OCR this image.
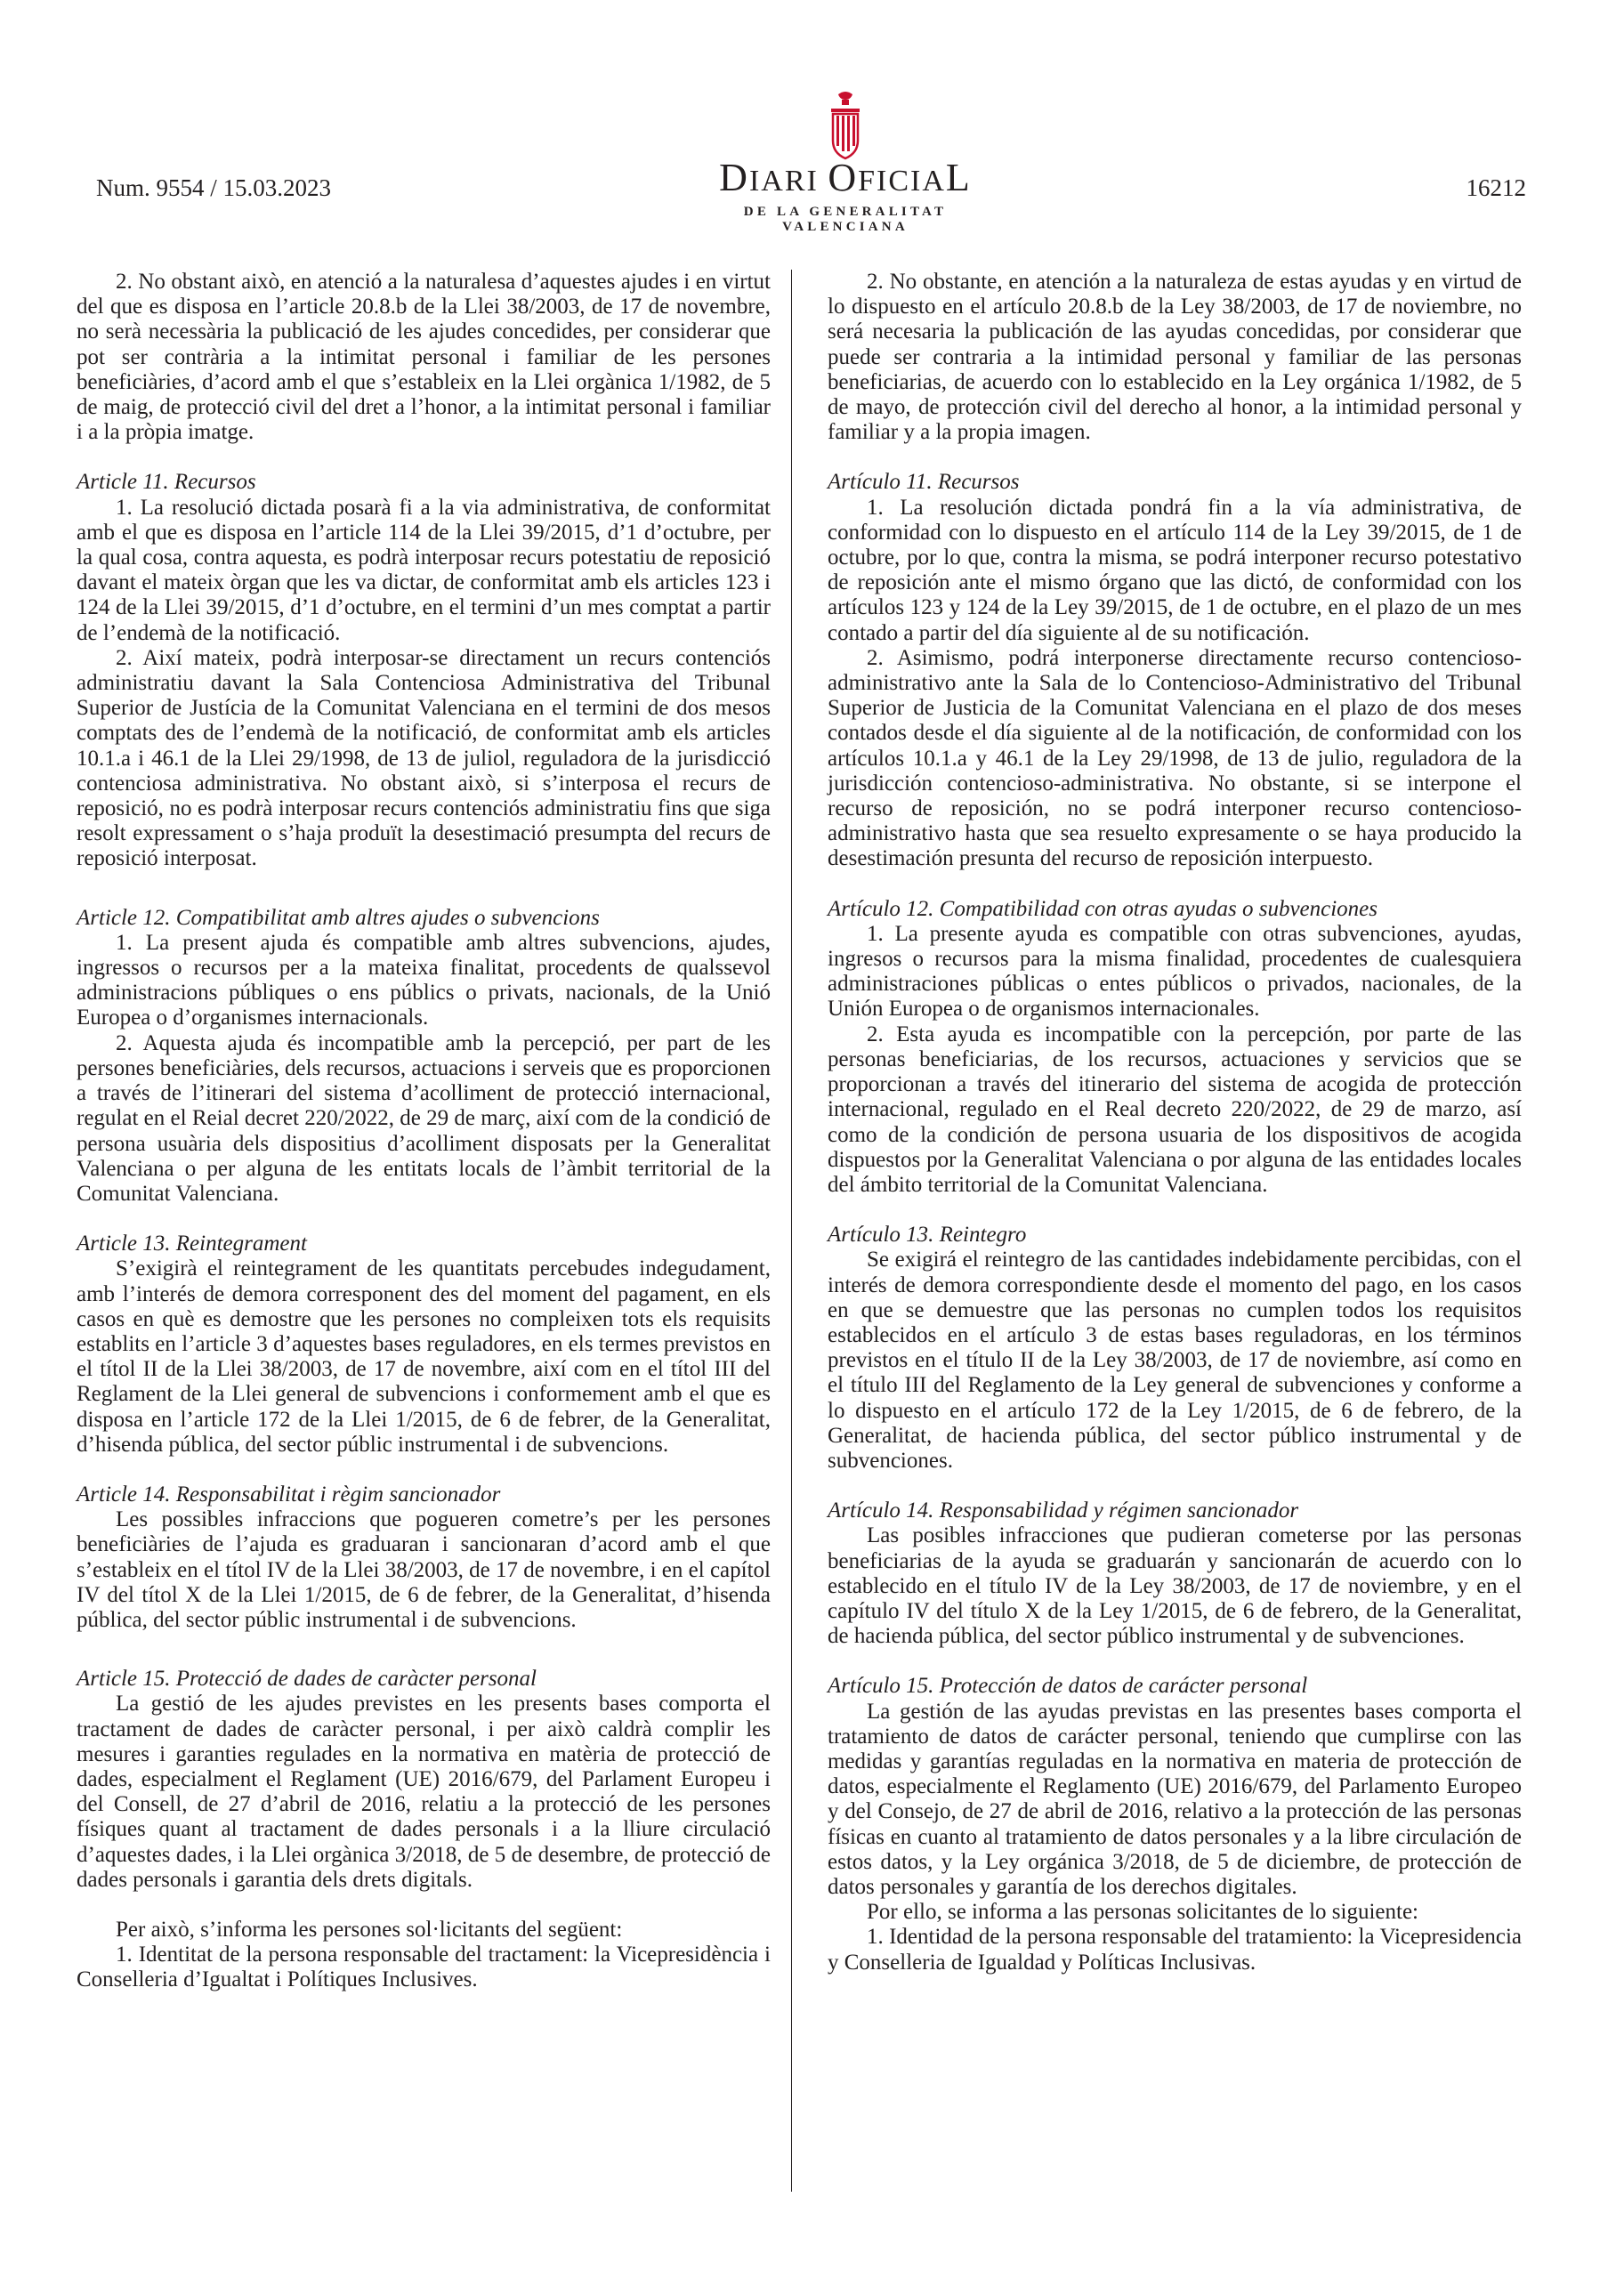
Num. 9554 / 15.03.2023	DIARI OFICIAL
DE LA GENERALITAT VALENCIANA
16212

2. No obstant això, en atenció a la naturalesa d’aquestes ajudes i en virtut del que es disposa en l’article 20.8.b de la Llei 38/2003, de 17 de novembre, no serà necessària la publicació de les ajudes concedides, per considerar que pot ser contrària a la intimitat personal i familiar de les persones beneficiàries, d’acord amb el que s’estableix en la Llei orgànica 1/1982, de 5 de maig, de protecció civil del dret a l’honor, a la intimitat personal i familiar i a la pròpia imatge.

Article 11. Recursos

1. La resolució dictada posarà fi a la via administrativa, de conformitat amb el que es disposa en l’article 114 de la Llei 39/2015, d’1 d’octubre, per la qual cosa, contra aquesta, es podrà interposar recurs potestatiu de reposició davant el mateix òrgan que les va dictar, de conformitat amb els articles 123 i 124 de la Llei 39/2015, d’1 d’octubre, en el termini d’un mes comptat a partir de l’endemà de la notificació.

2. Així mateix, podrà interposar-se directament un recurs contenciós administratiu davant la Sala Contenciosa Administrativa del Tribunal Superior de Justícia de la Comunitat Valenciana en el termini de dos mesos comptats des de l’endemà de la notificació, de conformitat amb els articles 10.1.a i 46.1 de la Llei 29/1998, de 13 de juliol, reguladora de la jurisdicció contenciosa administrativa. No obstant això, si s’interposa el recurs de reposició, no es podrà interposar recurs contenciós administratiu fins que siga resolt expressament o s’haja produït la desestimació presumpta del recurs de reposició interposat.

Article 12. Compatibilitat amb altres ajudes o subvencions

1. La present ajuda és compatible amb altres subvencions, ajudes, ingressos o recursos per a la mateixa finalitat, procedents de qualssevol administracions públiques o ens públics o privats, nacionals, de la Unió Europea o d’organismes internacionals.

2. Aquesta ajuda és incompatible amb la percepció, per part de les persones beneficiàries, dels recursos, actuacions i serveis que es proporcionen a través de l’itinerari del sistema d’acolliment de protecció internacional, regulat en el Reial decret 220/2022, de 29 de març, així com de la condició de persona usuària dels dispositius d’acolliment disposats per la Generalitat Valenciana o per alguna de les entitats locals de l’àmbit territorial de la Comunitat Valenciana.

Article 13. Reintegrament

S’exigirà el reintegrament de les quantitats percebudes indegudament, amb l’interés de demora corresponent des del moment del pagament, en els casos en què es demostre que les persones no compleixen tots els requisits establits en l’article 3 d’aquestes bases reguladores, en els termes previstos en el títol II de la Llei 38/2003, de 17 de novembre, així com en el títol III del Reglament de la Llei general de subvencions i conformement amb el que es disposa en l’article 172 de la Llei 1/2015, de 6 de febrer, de la Generalitat, d’hisenda pública, del sector públic instrumental i de subvencions.

Article 14. Responsabilitat i règim sancionador

Les possibles infraccions que pogueren cometre’s per les persones beneficiàries de l’ajuda es graduaran i sancionaran d’acord amb el que s’estableix en el títol IV de la Llei 38/2003, de 17 de novembre, i en el capítol IV del títol X de la Llei 1/2015, de 6 de febrer, de la Generalitat, d’hisenda pública, del sector públic instrumental i de subvencions.

Article 15. Protecció de dades de caràcter personal

La gestió de les ajudes previstes en les presents bases comporta el tractament de dades de caràcter personal, i per això caldrà complir les mesures i garanties regulades en la normativa en matèria de protecció de dades, especialment el Reglament (UE) 2016/679, del Parlament Europeu i del Consell, de 27 d’abril de 2016, relatiu a la protecció de les persones físiques quant al tractament de dades personals i a la lliure circulació d’aquestes dades, i la Llei orgànica 3/2018, de 5 de desembre, de protecció de dades personals i garantia dels drets digitals.

Per això, s’informa les persones sol·licitants del següent:

1. Identitat de la persona responsable del tractament: la Vicepresidència i Conselleria d’Igualtat i Polítiques Inclusives.

2. No obstante, en atención a la naturaleza de estas ayudas y en virtud de lo dispuesto en el artículo 20.8.b de la Ley 38/2003, de 17 de noviembre, no será necesaria la publicación de las ayudas concedidas, por considerar que puede ser contraria a la intimidad personal y familiar de las personas beneficiarias, de acuerdo con lo establecido en la Ley orgánica 1/1982, de 5 de mayo, de protección civil del derecho al honor, a la intimidad personal y familiar y a la propia imagen.

Artículo 11. Recursos

1. La resolución dictada pondrá fin a la vía administrativa, de conformidad con lo dispuesto en el artículo 114 de la Ley 39/2015, de 1 de octubre, por lo que, contra la misma, se podrá interponer recurso potestativo de reposición ante el mismo órgano que las dictó, de conformidad con los artículos 123 y 124 de la Ley 39/2015, de 1 de octubre, en el plazo de un mes contado a partir del día siguiente al de su notificación.

2. Asimismo, podrá interponerse directamente recurso contencioso-administrativo ante la Sala de lo Contencioso-Administrativo del Tribunal Superior de Justicia de la Comunitat Valenciana en el plazo de dos meses contados desde el día siguiente al de la notificación, de conformidad con los artículos 10.1.a y 46.1 de la Ley 29/1998, de 13 de julio, reguladora de la jurisdicción contencioso-administrativa. No obstante, si se interpone el recurso de reposición, no se podrá interponer recurso contencioso-administrativo hasta que sea resuelto expresamente o se haya producido la desestimación presunta del recurso de reposición interpuesto.

Artículo 12. Compatibilidad con otras ayudas o subvenciones

1. La presente ayuda es compatible con otras subvenciones, ayudas, ingresos o recursos para la misma finalidad, procedentes de cualesquiera administraciones públicas o entes públicos o privados, nacionales, de la Unión Europea o de organismos internacionales.

2. Esta ayuda es incompatible con la percepción, por parte de las personas beneficiarias, de los recursos, actuaciones y servicios que se proporcionan a través del itinerario del sistema de acogida de protección internacional, regulado en el Real decreto 220/2022, de 29 de marzo, así como de la condición de persona usuaria de los dispositivos de acogida dispuestos por la Generalitat Valenciana o por alguna de las entidades locales del ámbito territorial de la Comunitat Valenciana.

Artículo 13. Reintegro

Se exigirá el reintegro de las cantidades indebidamente percibidas, con el interés de demora correspondiente desde el momento del pago, en los casos en que se demuestre que las personas no cumplen todos los requisitos establecidos en el artículo 3 de estas bases reguladoras, en los términos previstos en el título II de la Ley 38/2003, de 17 de noviembre, así como en el título III del Reglamento de la Ley general de subvenciones y conforme a lo dispuesto en el artículo 172 de la Ley 1/2015, de 6 de febrero, de la Generalitat, de hacienda pública, del sector público instrumental y de subvenciones.

Artículo 14. Responsabilidad y régimen sancionador

Las posibles infracciones que pudieran cometerse por las personas beneficiarias de la ayuda se graduarán y sancionarán de acuerdo con lo establecido en el título IV de la Ley 38/2003, de 17 de noviembre, y en el capítulo IV del título X de la Ley 1/2015, de 6 de febrero, de la Generalitat, de hacienda pública, del sector público instrumental y de subvenciones.

Artículo 15. Protección de datos de carácter personal

La gestión de las ayudas previstas en las presentes bases comporta el tratamiento de datos de carácter personal, teniendo que cumplirse con las medidas y garantías reguladas en la normativa en materia de protección de datos, especialmente el Reglamento (UE) 2016/679, del Parlamento Europeo y del Consejo, de 27 de abril de 2016, relativo a la protección de las personas físicas en cuanto al tratamiento de datos personales y a la libre circulación de estos datos, y la Ley orgánica 3/2018, de 5 de diciembre, de protección de datos personales y garantía de los derechos digitales.

Por ello, se informa a las personas solicitantes de lo siguiente:

1. Identidad de la persona responsable del tratamiento: la Vicepresidencia y Conselleria de Igualdad y Políticas Inclusivas.
